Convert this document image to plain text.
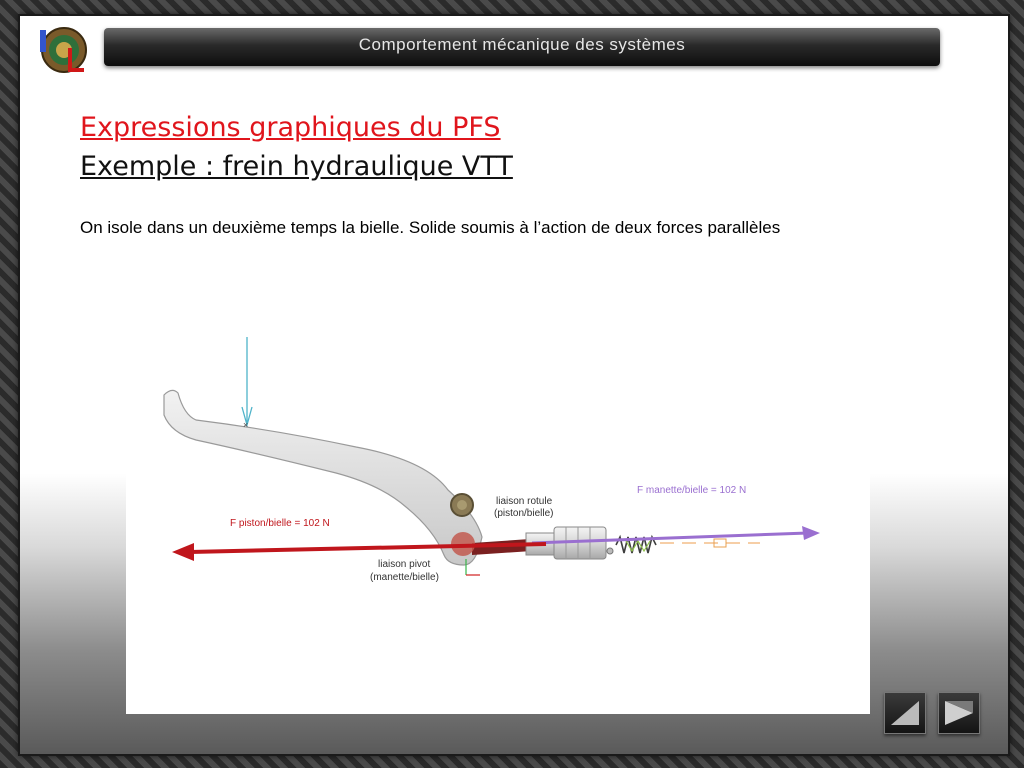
Comportement mécanique des systèmes
Expressions graphiques du PFS
Exemple : frein hydraulique VTT
On isole dans un deuxième temps la bielle. Solide soumis à l’action de deux forces parallèles
×
F piston/bielle = 102 N
F manette/bielle = 102 N
liaison rotule
(piston/bielle)
liaison pivot
(manette/bielle)
